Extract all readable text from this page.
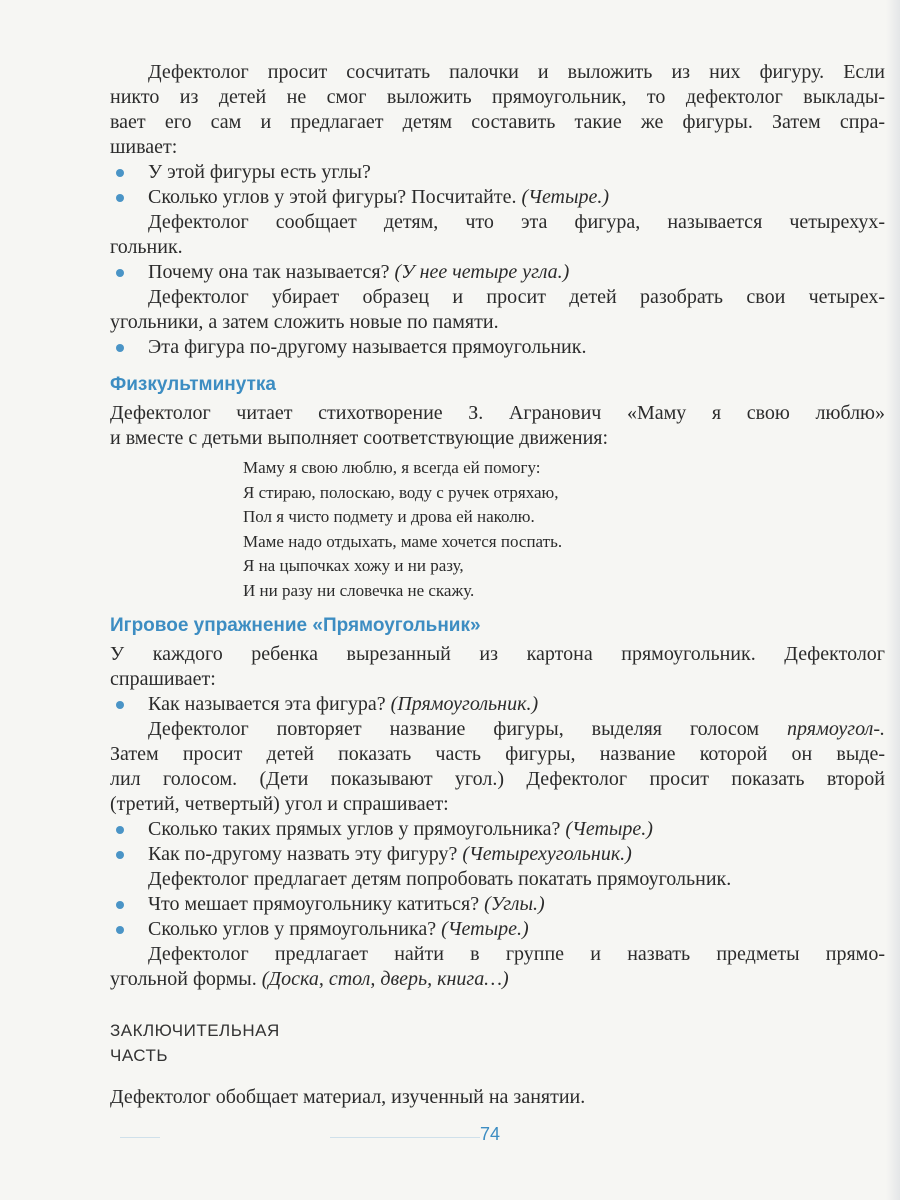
Дефектолог просит сосчитать палочки и выложить из них фигуру. Если
никто из детей не смог выложить прямоугольник, то дефектолог выклады-
вает его сам и предлагает детям составить такие же фигуры. Затем спра-
шивает:
У этой фигуры есть углы?
Сколько углов у этой фигуры? Посчитайте. (Четыре.)
Дефектолог сообщает детям, что эта фигура, называется четырехуx-
гольник.
Почему она так называется? (У нее четыре угла.)
Дефектолог убирает образец и просит детей разобрать свои четырех-
угольники, а затем сложить новые по памяти.
Эта фигура по-другому называется прямоугольник.
Физкультминутка
Дефектолог читает стихотворение З. Агранович «Маму я свою люблю»
и вместе с детьми выполняет соответствующие движения:
Маму я свою люблю, я всегда ей помогу:
Я стираю, полоскаю, воду с ручек отряхаю,
Пол я чисто подмету и дрова ей наколю.
Маме надо отдыхать, маме хочется поспать.
Я на цыпочках хожу и ни разу,
И ни разу ни словечка не скажу.
Игровое упражнение «Прямоугольник»
У каждого ребенка вырезанный из картона прямоугольник. Дефектолог
спрашивает:
Как называется эта фигура? (Прямоугольник.)
Дефектолог повторяет название фигуры, выделяя голосом прямоугол-.
Затем просит детей показать часть фигуры, название которой он выде-
лил голосом. (Дети показывают угол.) Дефектолог просит показать второй
(третий, четвертый) угол и спрашивает:
Сколько таких прямых углов у прямоугольника? (Четыре.)
Как по-другому назвать эту фигуру? (Четырехугольник.)
Дефектолог предлагает детям попробовать покатать прямоугольник.
Что мешает прямоугольнику катиться? (Углы.)
Сколько углов у прямоугольника? (Четыре.)
Дефектолог предлагает найти в группе и назвать предметы прямо-
угольной формы. (Доска, стол, дверь, книга…)
ЗАКЛЮЧИТЕЛЬНАЯ
ЧАСТЬ
Дефектолог обобщает материал, изученный на занятии.
74
